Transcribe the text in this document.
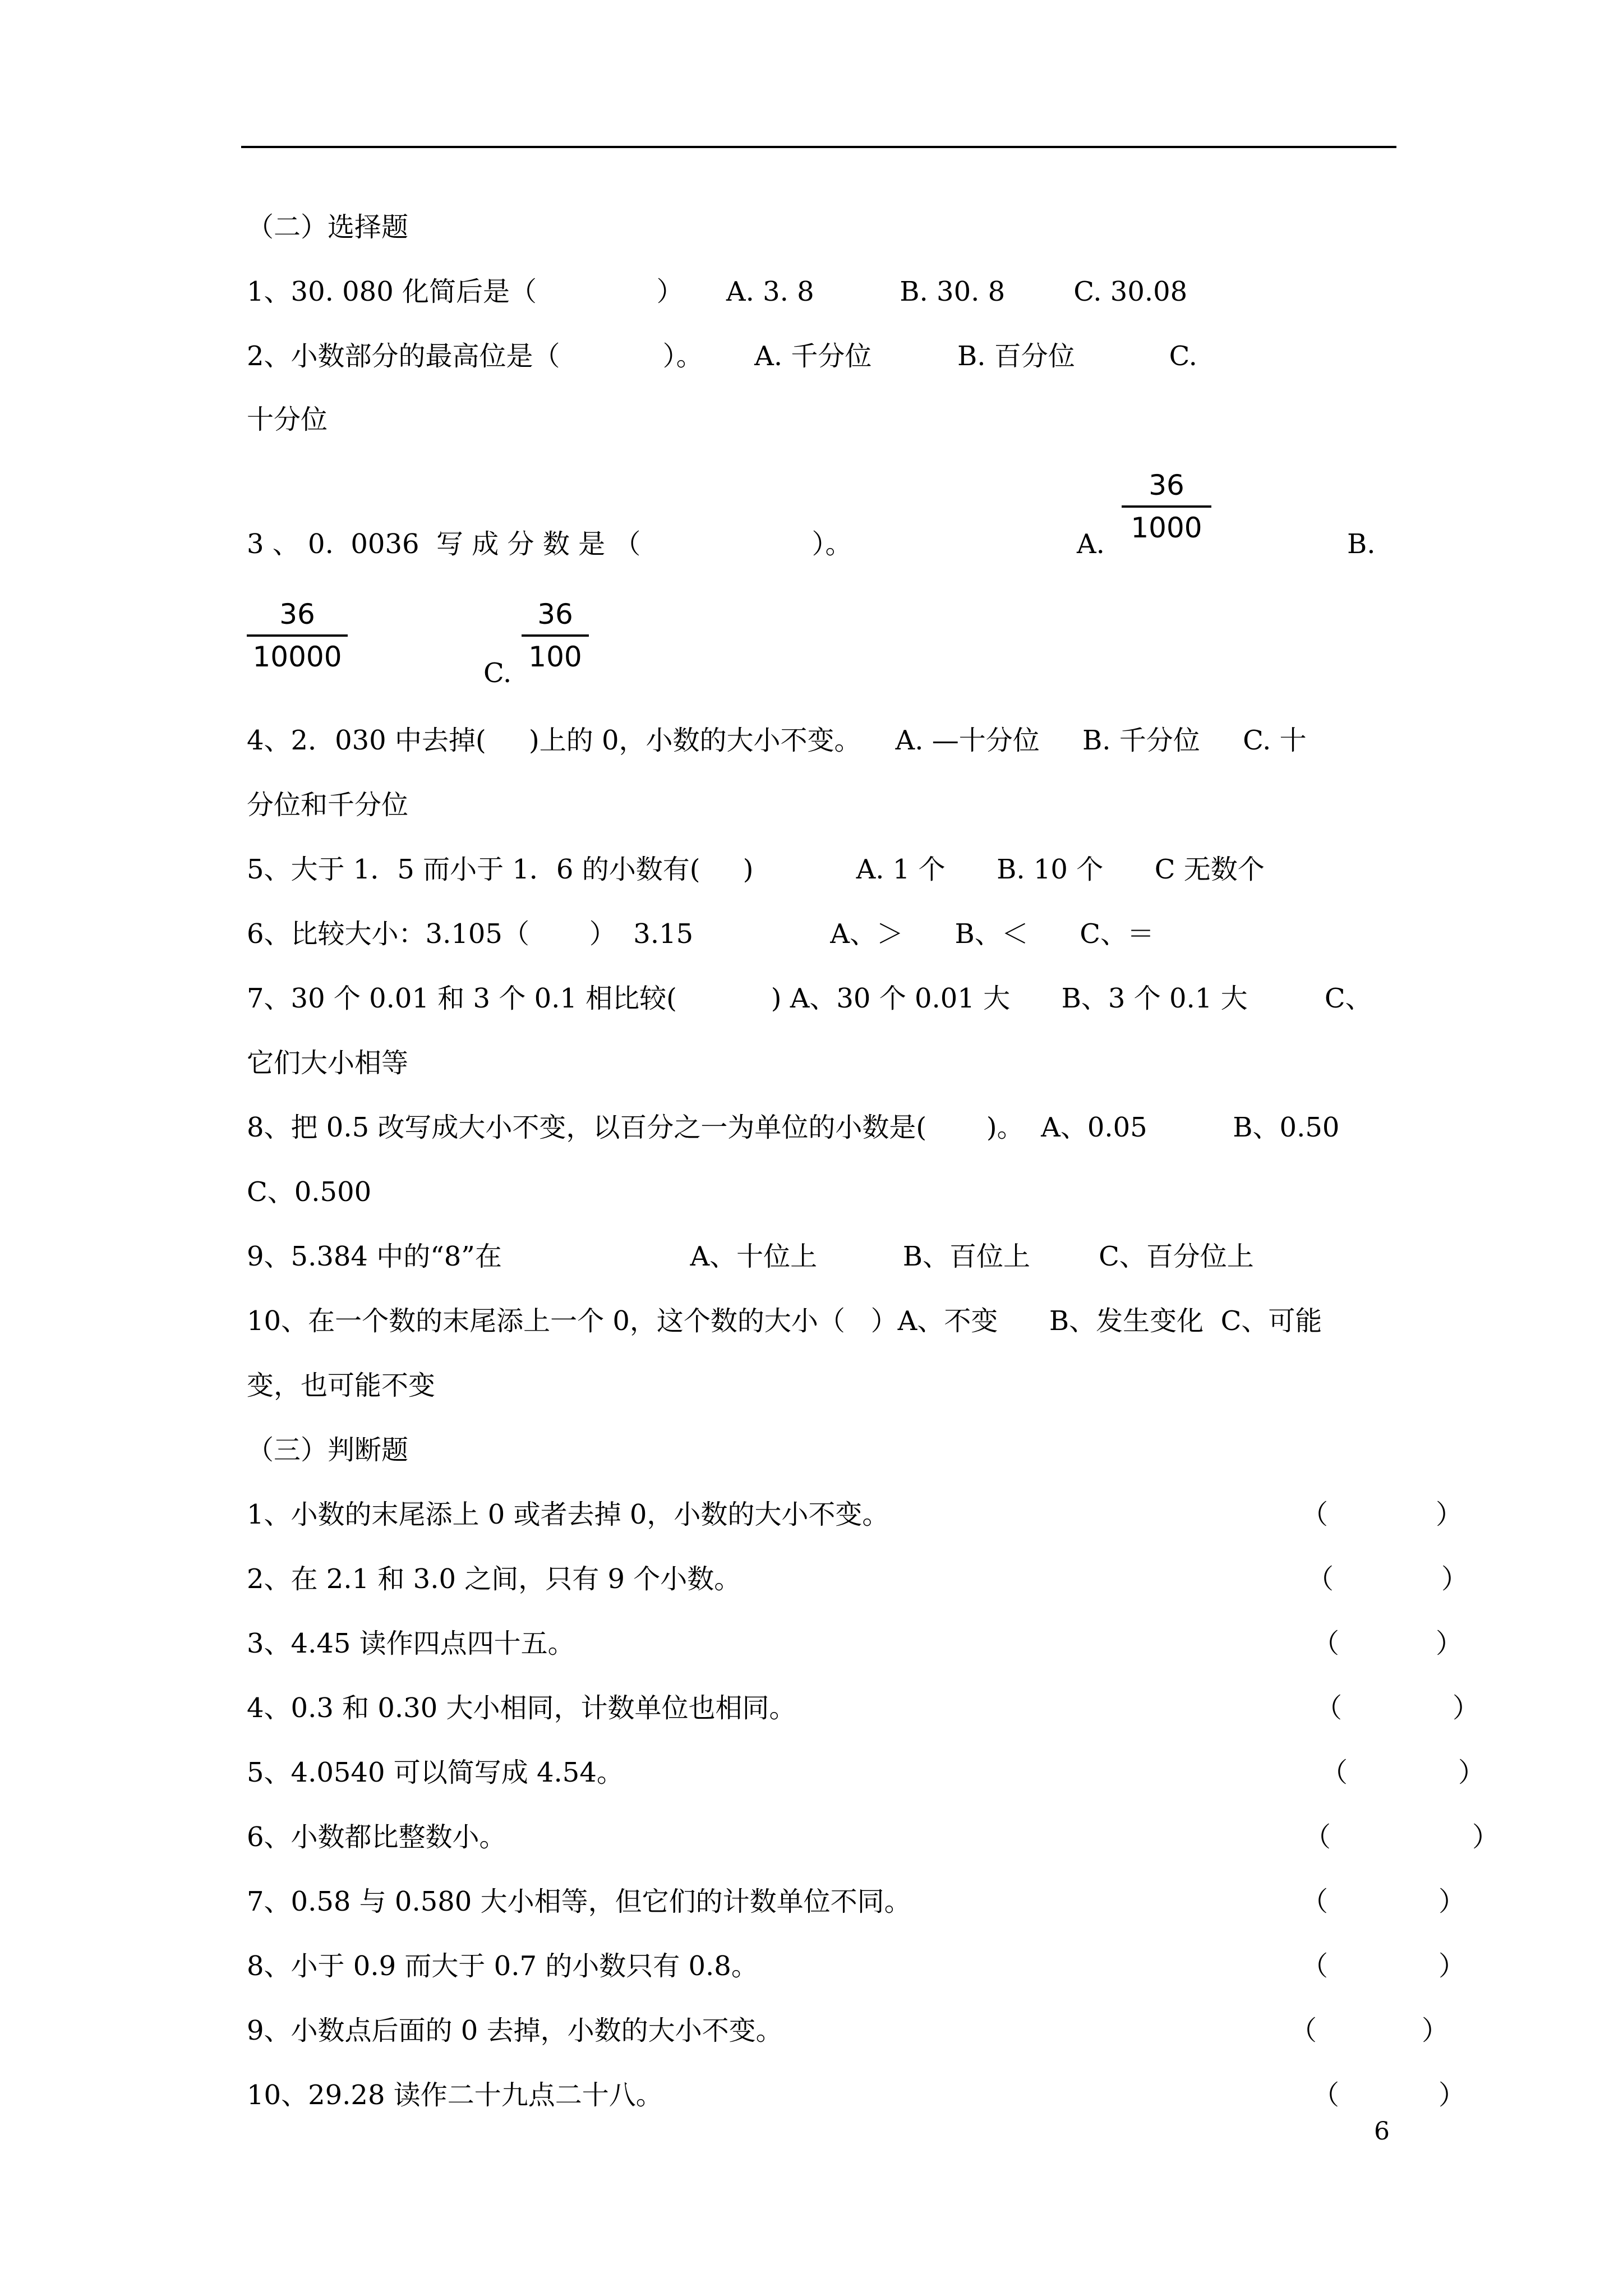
（二）选择题
1、30. 080 化简后是（              ）     A. 3. 8          B. 30. 8        C. 30.08
2、小数部分的最高位是（            ）。      A. 千分位          B. 百分位           C.
十分位
3 、 0.  0036  写 成 分 数 是 （                    ）。	A.
36
1000	B.
36
10000	C.
36
100
4、2．030 中去掉(     )上的 0，小数的大小不变。    A. —十分位     B. 千分位     C. 十
分位和千分位
5、大于 1．5 而小于 1．6 的小数有(     )            A. 1 个      B. 10 个      C 无数个
6、比较大小：3.105（       ）  3.15                A、＞      B、＜      C、＝
7、30 个 0.01 和 3 个 0.1 相比较(           ) A、30 个 0.01 大      B、3 个 0.1 大         C、
它们大小相等
8、把 0.5 改写成大小不变，以百分之一为单位的小数是(       )。  A、0.05          B、0.50
C、0.500
9、5.384 中的“8”在                      A、十位上          B、百位上        C、百分位上
10、在一个数的末尾添上一个 0，这个数的大小（   ）A、不变      B、发生变化  C、可能
变，也可能不变
（三）判断题
1、小数的末尾添上 0 或者去掉 0，小数的大小不变。	（	）
2、在 2.1 和 3.0 之间，只有 9 个小数。	（	）
3、4.45 读作四点四十五。	（	）
4、0.3 和 0.30 大小相同，计数单位也相同。	（	）
5、4.0540 可以简写成 4.54。	（	）
6、小数都比整数小。	（	）
7、0.58 与 0.580 大小相等，但它们的计数单位不同。	（	）
8、小于 0.9 而大于 0.7 的小数只有 0.8。	（	）
9、小数点后面的 0 去掉，小数的大小不变。	（	）
10、29.28 读作二十九点二十八。	（	）
6
